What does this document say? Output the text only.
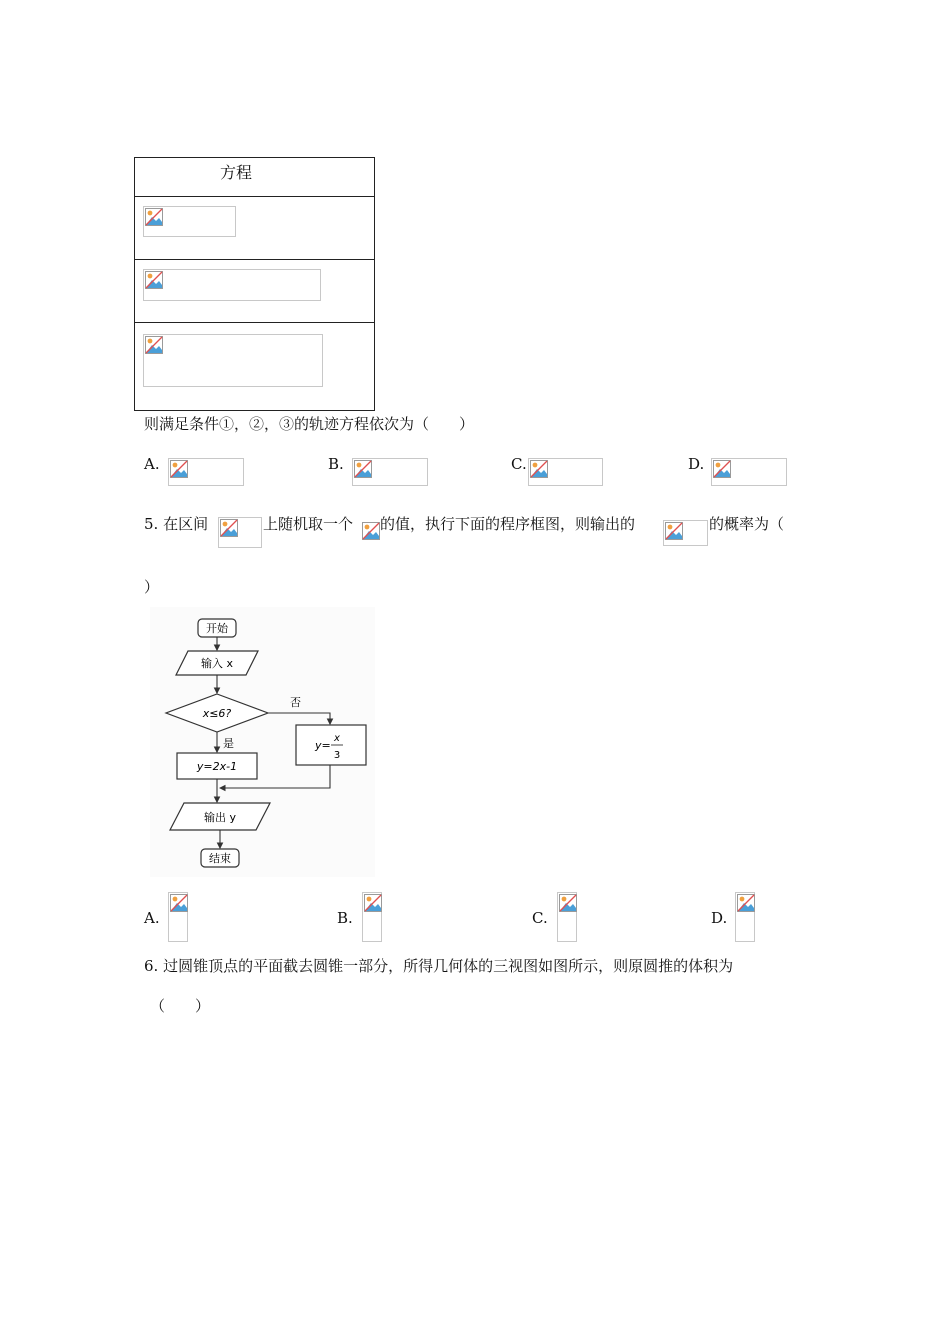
方程

则满足条件①，②，③的轨迹方程依次为（　　）
A.	B.	C.	D.
5. 在区间	上随机取一个 的值，执行下面的程序框图，则输出的	的概率为（
）
开始
输入 x
x≤6?
否
y=
x
3
是
y=2x-1
输出 y
结束
A.	B.	C.	D.
6. 过圆锥顶点的平面截去圆锥一部分，所得几何体的三视图如图所示，则原圆推的体积为
（　　）
